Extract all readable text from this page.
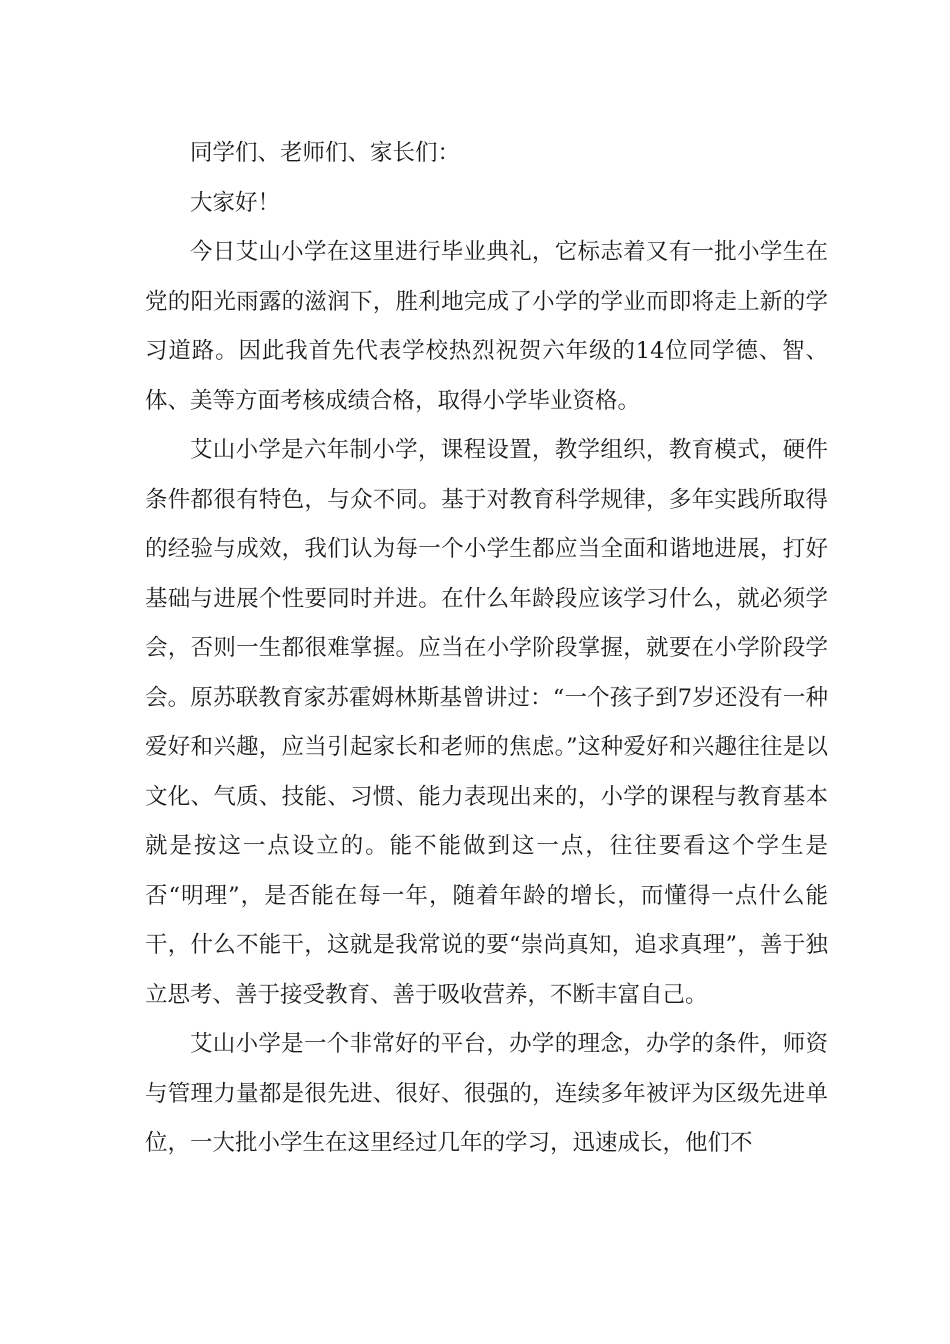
同学们、老师们、家长们：

大家好！

今日艾山小学在这里进行毕业典礼，它标志着又有一批小学生在党的阳光雨露的滋润下，胜利地完成了小学的学业而即将走上新的学习道路。因此我首先代表学校热烈祝贺六年级的14位同学德、智、体、美等方面考核成绩合格，取得小学毕业资格。

艾山小学是六年制小学，课程设置，教学组织，教育模式，硬件条件都很有特色，与众不同。基于对教育科学规律，多年实践所取得的经验与成效，我们认为每一个小学生都应当全面和谐地进展，打好基础与进展个性要同时并进。在什么年龄段应该学习什么，就必须学会，否则一生都很难掌握。应当在小学阶段掌握，就要在小学阶段学会。原苏联教育家苏霍姆林斯基曾讲过：“一个孩子到7岁还没有一种爱好和兴趣，应当引起家长和老师的焦虑。”这种爱好和兴趣往往是以文化、气质、技能、习惯、能力表现出来的，小学的课程与教育基本就是按这一点设立的。能不能做到这一点，往往要看这个学生是否“明理”，是否能在每一年，随着年龄的增长，而懂得一点什么能干，什么不能干，这就是我常说的要“崇尚真知，追求真理”，善于独立思考、善于接受教育、善于吸收营养，不断丰富自己。

艾山小学是一个非常好的平台，办学的理念，办学的条件，师资与管理力量都是很先进、很好、很强的，连续多年被评为区级先进单位，一大批小学生在这里经过几年的学习，迅速成长，他们不
